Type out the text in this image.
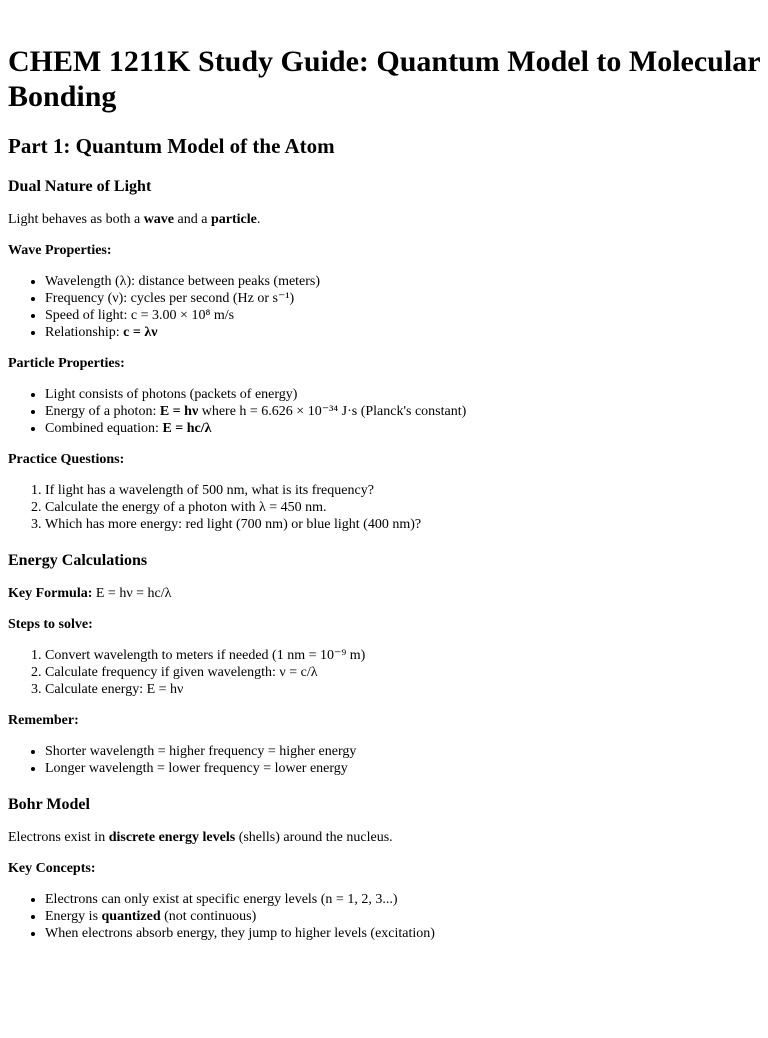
CHEM 1211K Study Guide: Quantum Model to Molecular Bonding
Part 1: Quantum Model of the Atom
Dual Nature of Light

Light behaves as both a wave and a particle.

Wave Properties:

• Wavelength (λ): distance between peaks (meters)
• Frequency (ν): cycles per second (Hz or s⁻¹)
• Speed of light: c = 3.00 × 10⁸ m/s
• Relationship: c = λν

Particle Properties:

• Light consists of photons (packets of energy)
• Energy of a photon: E = hν where h = 6.626 × 10⁻³⁴ J·s (Planck's constant)
• Combined equation: E = hc/λ

Practice Questions:

1. If light has a wavelength of 500 nm, what is its frequency?
2. Calculate the energy of a photon with λ = 450 nm.
3. Which has more energy: red light (700 nm) or blue light (400 nm)?
Energy Calculations

Key Formula: E = hν = hc/λ

Steps to solve:

1. Convert wavelength to meters if needed (1 nm = 10⁻⁹ m)
2. Calculate frequency if given wavelength: ν = c/λ
3. Calculate energy: E = hν

Remember:

• Shorter wavelength = higher frequency = higher energy
• Longer wavelength = lower frequency = lower energy
Bohr Model

Electrons exist in discrete energy levels (shells) around the nucleus.

Key Concepts:

• Electrons can only exist at specific energy levels (n = 1, 2, 3...)
• Energy is quantized (not continuous)
• When electrons absorb energy, they jump to higher levels (excitation)
